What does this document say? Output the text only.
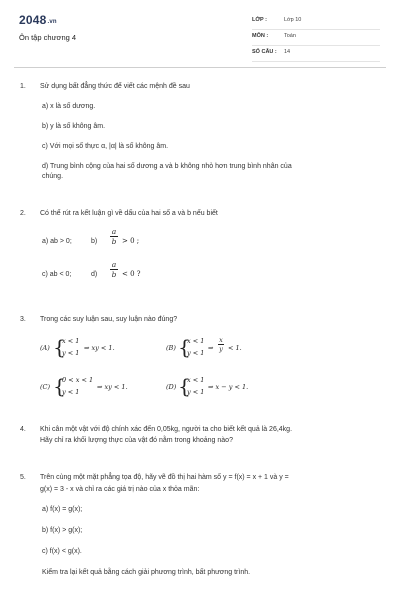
2048.vn
Ôn tập chương 4
LỚP :	Lớp 10
MÔN :	Toán
SỐ CÂU : 14
1. Sử dụng bất đẳng thức để viết các mệnh đề sau
a) x là số dương.
b) y là số không âm.
c) Với mọi số thực α, |α| là số không âm.
d) Trung bình cộng của hai số dương a và b không nhỏ hơn trung bình nhân của
chúng.
2. Có thể rút ra kết luận gì về dấu của hai số a và b nếu biết
a) ab > 0;	b)
a
b > 0 ;
c) ab < 0;	d)
a
b < 0 ?
3. Trong các suy luận sau, suy luận nào đúng?
(A) {
x < 1
y < 1
⇒ xy < 1.	(B) {
x < 1
y < 1
⇒
x
y < 1.
(C) {
0 < x < 1
y < 1
⇒ xy < 1.	(D) {
x < 1
y < 1
⇒ x − y < 1.
4. Khi cân một vật với độ chính xác đến 0,05kg, người ta cho biết kết quả là 26,4kg.
Hãy chỉ ra khối lượng thực của vật đó nằm trong khoảng nào?
5. Trên cùng một mặt phẳng tọa độ, hãy vẽ đồ thị hai hàm số y = f(x) = x + 1 và y =
g(x) = 3 - x và chỉ ra các giá trị nào của x thỏa mãn:
a) f(x) = g(x);
b) f(x) > g(x);
c) f(x) < g(x).
Kiểm tra lại kết quả bằng cách giải phương trình, bất phương trình.
